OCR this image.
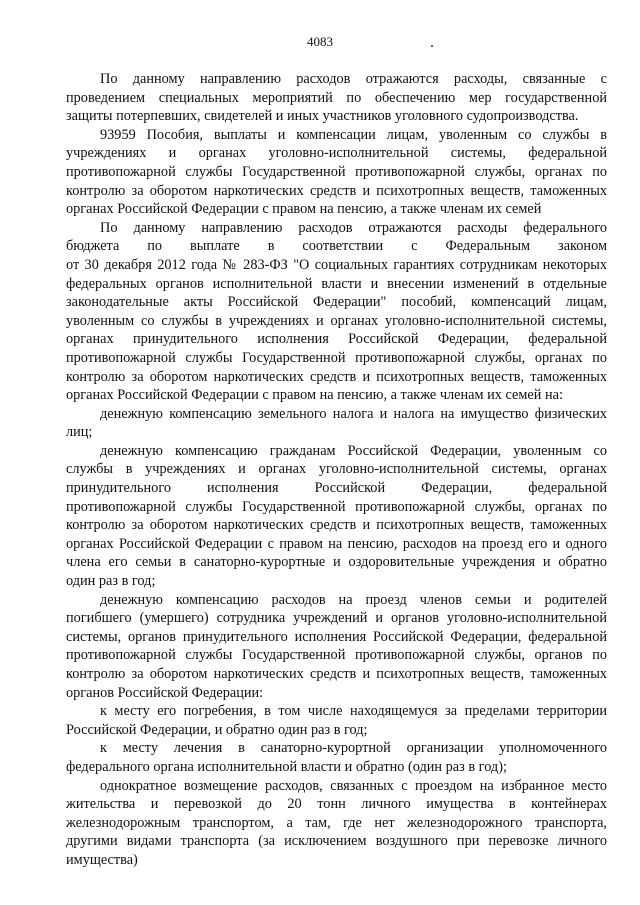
4083
По данному направлению расходов отражаются расходы, связанные с
проведением специальных мероприятий по обеспечению мер государственной
защиты потерпевших, свидетелей и иных участников уголовного судопроизводства.
93959 Пособия, выплаты и компенсации лицам, уволенным со службы в
учреждениях и органах уголовно-исполнительной системы, федеральной
противопожарной службы Государственной противопожарной службы, органах по
контролю за оборотом наркотических средств и психотропных веществ, таможенных
органах Российской Федерации с правом на пенсию, а также членам их семей
По данному направлению расходов отражаются расходы федерального
бюджета по выплате в соответствии с Федеральным законом
от 30 декабря 2012 года № 283-ФЗ "О социальных гарантиях сотрудникам некоторых
федеральных органов исполнительной власти и внесении изменений в отдельные
законодательные акты Российской Федерации" пособий, компенсаций лицам,
уволенным со службы в учреждениях и органах уголовно-исполнительной системы,
органах принудительного исполнения Российской Федерации, федеральной
противопожарной службы Государственной противопожарной службы, органах по
контролю за оборотом наркотических средств и психотропных веществ, таможенных
органах Российской Федерации с правом на пенсию, а также членам их семей на:
денежную компенсацию земельного налога и налога на имущество физических
лиц;
денежную компенсацию гражданам Российской Федерации, уволенным со
службы в учреждениях и органах уголовно-исполнительной системы, органах
принудительного исполнения Российской Федерации, федеральной
противопожарной службы Государственной противопожарной службы, органах по
контролю за оборотом наркотических средств и психотропных веществ, таможенных
органах Российской Федерации с правом на пенсию, расходов на проезд его и одного
члена его семьи в санаторно-курортные и оздоровительные учреждения и обратно
один раз в год;
денежную компенсацию расходов на проезд членов семьи и родителей
погибшего (умершего) сотрудника учреждений и органов уголовно-исполнительной
системы, органов принудительного исполнения Российской Федерации, федеральной
противопожарной службы Государственной противопожарной службы, органов по
контролю за оборотом наркотических средств и психотропных веществ, таможенных
органов Российской Федерации:
к месту его погребения, в том числе находящемуся за пределами территории
Российской Федерации, и обратно один раз в год;
к месту лечения в санаторно-курортной организации уполномоченного
федерального органа исполнительной власти и обратно (один раз в год);
однократное возмещение расходов, связанных с проездом на избранное место
жительства и перевозкой до 20 тонн личного имущества в контейнерах
железнодорожным транспортом, а там, где нет железнодорожного транспорта,
другими видами транспорта (за исключением воздушного при перевозке личного
имущества)
